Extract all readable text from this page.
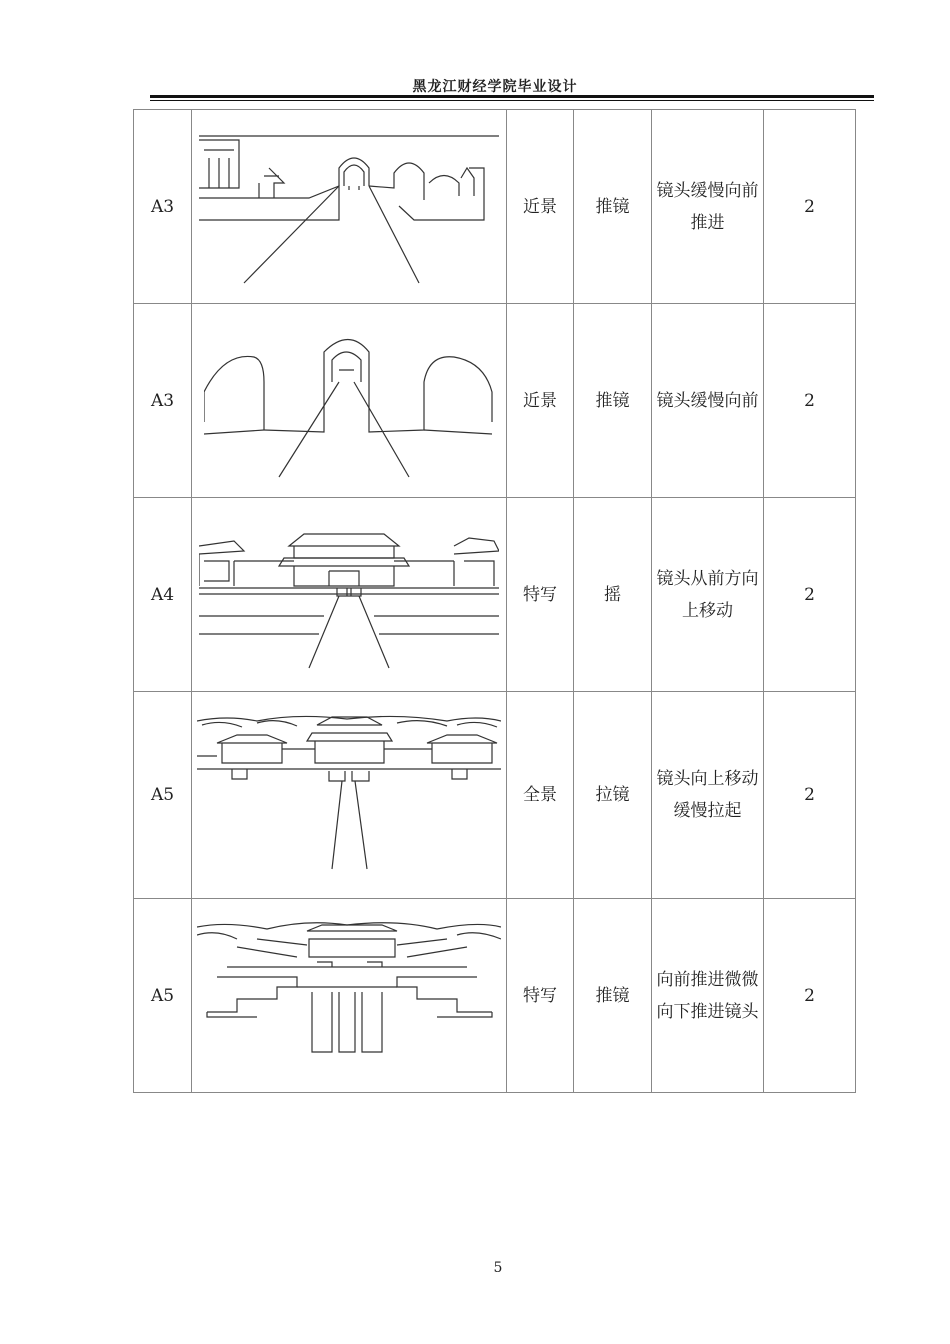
黑龙江财经学院毕业设计
A3		近景	推镜	镜头缓慢向前推进	2
A3		近景	推镜	镜头缓慢向前	2
A4		特写	摇	镜头从前方向上移动	2
A5		全景	拉镜	镜头向上移动缓慢拉起	2
A5		特写	推镜	向前推进微微向下推进镜头	2
5
